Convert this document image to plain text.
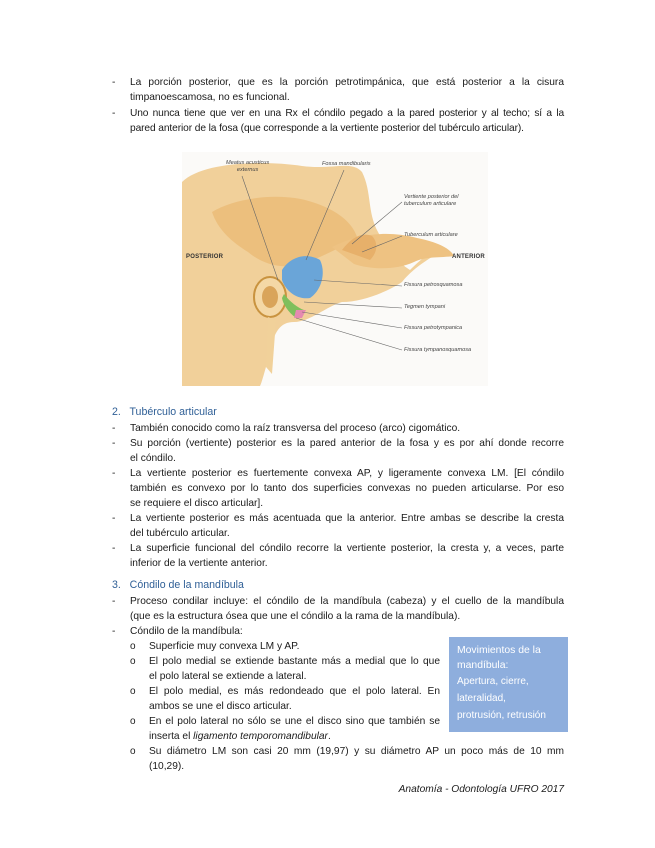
- La porción posterior, que es la porción petrotimpánica, que está posterior a la cisura
timpanoescamosa, no es funcional.
- Uno nunca tiene que ver en una Rx el cóndilo pegado a la pared posterior y al techo; sí a la
pared anterior de la fosa (que corresponde a la vertiente posterior del tubérculo articular).
Meatus acusticus
externus
Fossa mandibularis
Vertiente posterior del
tuberculum articulare
Tuberculum articulare
POSTERIOR	ANTERIOR
Fissura petrosquamosa
Tegmen tympani
Fissura petrotympanica
Fissura tympanosquamosa
2.   Tubérculo articular
- También conocido como la raíz transversa del proceso (arco) cigomático.
- Su porción (vertiente) posterior es la pared anterior de la fosa y es por ahí donde recorre
el cóndilo.
- La vertiente posterior es fuertemente convexa AP, y ligeramente convexa LM. [El cóndilo
también es convexo por lo tanto dos superficies convexas no pueden articularse. Por eso
se requiere el disco articular].
- La vertiente posterior es más acentuada que la anterior. Entre ambas se describe la cresta
del tubérculo articular.
- La superficie funcional del cóndilo recorre la vertiente posterior, la cresta y, a veces, parte
inferior de la vertiente anterior.
3.   Cóndilo de la mandíbula
- Proceso condilar incluye: el cóndilo de la mandíbula (cabeza) y el cuello de la mandíbula
(que es la estructura ósea que une el cóndilo a la rama de la mandíbula).
- Cóndilo de la mandíbula:
o Superficie muy convexa LM y AP.
o El polo medial se extiende bastante más a medial que lo que
el polo lateral se extiende a lateral.
o El polo medial, es más redondeado que el polo lateral. En
ambos se une el disco articular.
o En el polo lateral no sólo se une el disco sino que también se
inserta el ligamento temporomandibular.
o Su diámetro LM son casi 20 mm (19,97) y su diámetro AP un poco más de 10 mm
(10,29).
Movimientos de la
mandíbula:
Apertura, cierre,
lateralidad,
protrusión, retrusión
Anatomía - Odontología UFRO 2017
